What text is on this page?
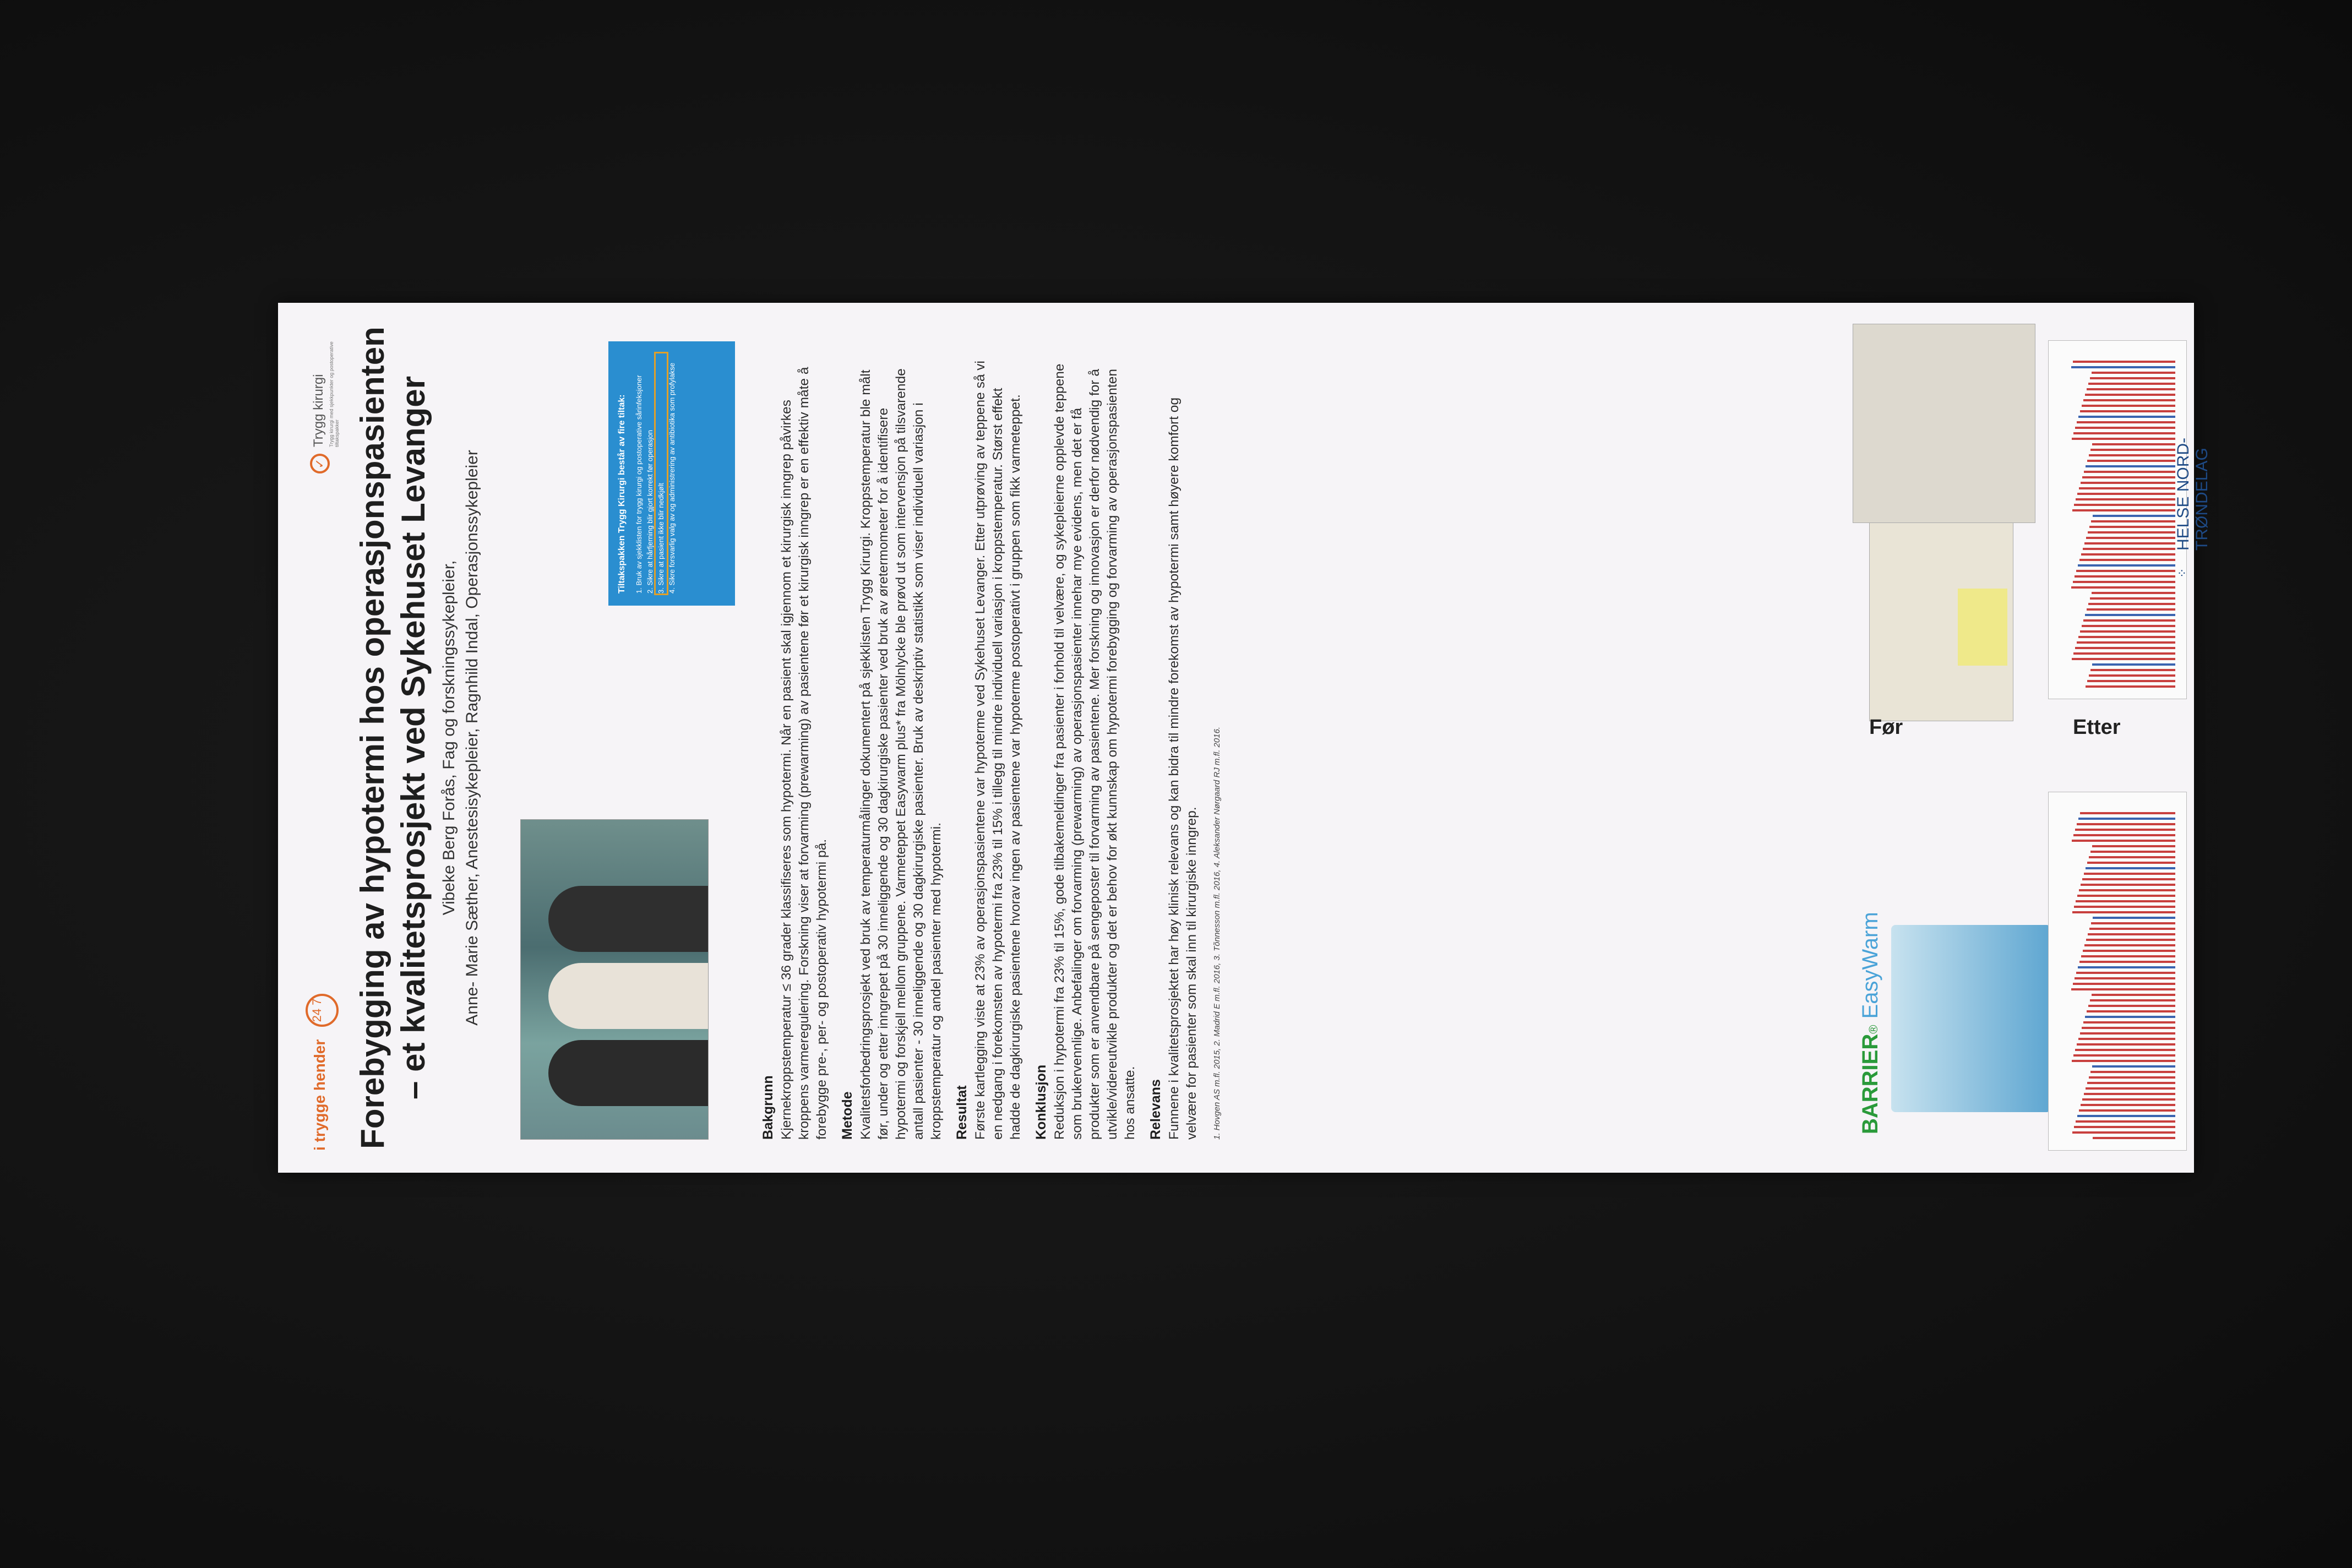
i trygge hender
24 7
✓
Trygg kirurgi Trygg kirurgi med sjekkpunkter og postoperative tiltakspakker Forebygging av hypotermi hos operasjonspasienten – et kvalitetsprosjekt ved Sykehuset Levanger Vibeke Berg Forås, Fag og forskningssykepleier, Anne- Marie Sæther, Anestesisykepleier, Ragnhild Indal, Operasjonssykepleier	Tiltakspakken Trygg Kirurgi består av fire tiltak: 1. Bruk av sjekklisten for trygg kirurgi og postoperative sårinfeksjoner 2. Sikre at hårfjerning blir gjort korrekt før operasjon 3. Sikre at pasient ikke blir nedkjølt 4. Sikre forsvarlig valg av og administrering av antibiotika som profylakse
Bakgrunn Kjernekroppstemperatur ≤ 36 grader klassifiseres som hypotermi. Når en pasient skal igjennom et kirurgisk inngrep påvirkes kroppens varmeregulering. Forskning viser at forvarming (prewarming) av pasientene før et kirurgisk inngrep er en effektiv måte å forebygge pre-, per- og postoperativ hypotermi på. Metode Kvalitetsforbedringsprosjekt ved bruk av temperaturmålinger dokumentert på sjekklisten Trygg Kirurgi. Kroppstemperatur ble målt før, under og etter inngrepet på 30 inneliggende og 30 dagkirurgiske pasienter ved bruk av øretermometer for å identifisere hypotermi og forskjell mellom gruppene. Varmeteppet Easywarm plus* fra Mölnlycke ble prøvd ut som intervensjon på tilsvarende antall pasienter - 30 inneliggende og 30 dagkirurgiske pasienter. Bruk av deskriptiv statistikk som viser individuell variasjon i kroppstemperatur og andel pasienter med hypotermi. Resultat Første kartlegging viste at 23% av operasjonspasientene var hypoterme ved Sykehuset Levanger. Etter utprøving av teppene så vi en nedgang i forekomsten av hypotermi fra 23% til 15% i tillegg til mindre individuell variasjon i kroppstemperatur. Størst effekt hadde de dagkirurgiske pasientene hvorav ingen av pasientene var hypoterme postoperativt i gruppen som fikk varmeteppet. Konklusjon Reduksjon i hypotermi fra 23% til 15%, gode tilbakemeldinger fra pasienter i forhold til velvære, og sykepleierne opplevde teppene som brukervennlige. Anbefalinger om forvarming (prewarming) av operasjonspasienter innehar mye evidens, men det er få produkter som er anvendbare på sengeposter til forvarming av pasientene. Mer forskning og innovasjon er derfor nødvendig for å utvikle/videreutvikle produkter og det er behov for økt kunnskap om hypotermi forebygging og forvarming av operasjonspasienten hos ansatte. Relevans Funnene i kvalitetsprosjektet har høy klinisk relevans og kan bidra til mindre forekomst av hypotermi samt høyere komfort og velvære for pasienter som skal inn til kirurgiske inngrep.	1. Hovgen AS m.fl. 2015, 2. Madrid E m.fl. 2016, 3. Tõnnesson m.fl. 2016, 4. Aleksander Nørgaard RJ m.fl. 2016.	BARRIER® EasyWarm
⁘
HELSE NORD-TRØNDELAG
Før	Etter
